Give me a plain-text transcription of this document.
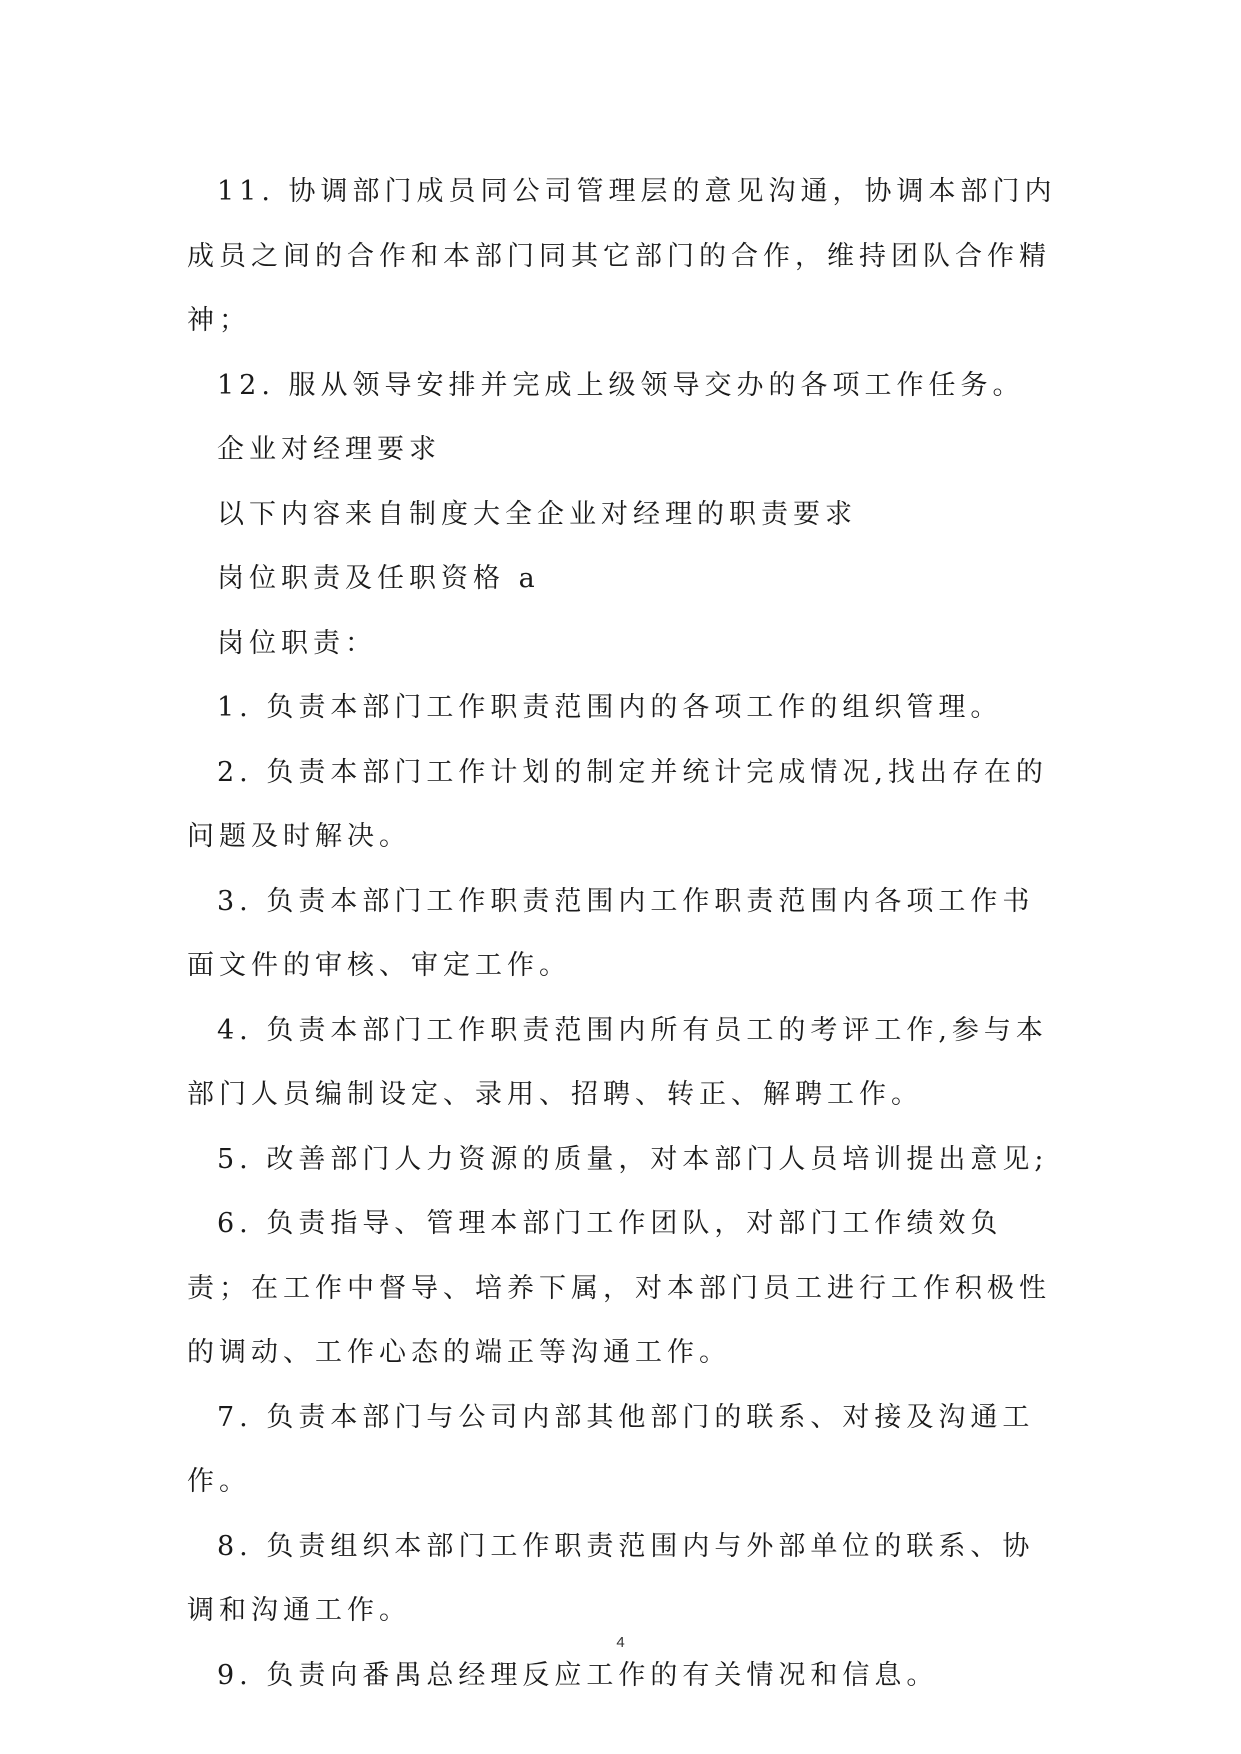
11. 协调部门成员同公司管理层的意见沟通，协调本部门内成员之间的合作和本部门同其它部门的合作，维持团队合作精神；

12. 服从领导安排并完成上级领导交办的各项工作任务。

企业对经理要求

以下内容来自制度大全企业对经理的职责要求

岗位职责及任职资格 a

岗位职责：

1. 负责本部门工作职责范围内的各项工作的组织管理。

2. 负责本部门工作计划的制定并统计完成情况,找出存在的问题及时解决。

3. 负责本部门工作职责范围内工作职责范围内各项工作书面文件的审核、审定工作。

4. 负责本部门工作职责范围内所有员工的考评工作,参与本部门人员编制设定、录用、招聘、转正、解聘工作。

5. 改善部门人力资源的质量，对本部门人员培训提出意见;

6. 负责指导、管理本部门工作团队，对部门工作绩效负责；在工作中督导、培养下属，对本部门员工进行工作积极性的调动、工作心态的端正等沟通工作。

7. 负责本部门与公司内部其他部门的联系、对接及沟通工作。

8. 负责组织本部门工作职责范围内与外部单位的联系、协调和沟通工作。

9. 负责向番禺总经理反应工作的有关情况和信息。

4
